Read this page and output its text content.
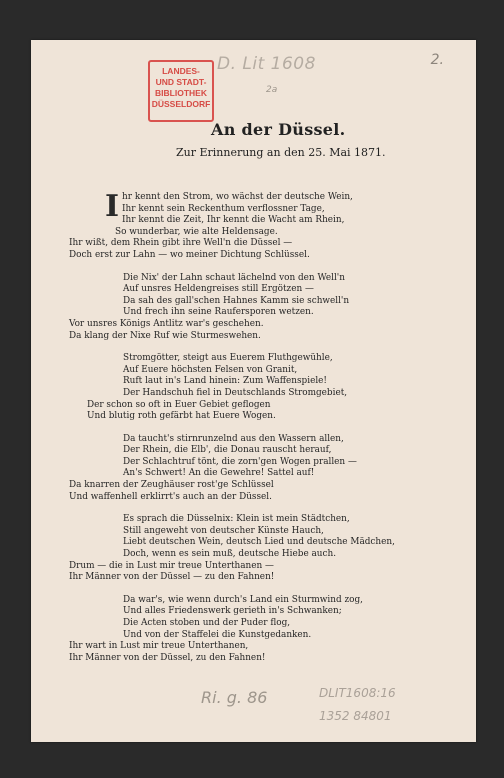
LANDES-
UND STADT-
BIBLIOTHEK
DÜSSELDORF
D. Lit 1608
2a
2.
An der Düssel.
Zur Erinnerung an den 25. Mai 1871.
I hr kennt den Strom, wo wächst der deutsche Wein,
Ihr kennt sein Reckenthum verflossner Tage,
Ihr kennt die Zeit, Ihr kennt die Wacht am Rhein,
So wunderbar, wie alte Heldensage.
Ihr wißt, dem Rhein gibt ihre Well'n die Düssel —
Doch erst zur Lahn — wo meiner Dichtung Schlüssel.
Die Nix' der Lahn schaut lächelnd von den Well'n
Auf unsres Heldengreises still Ergötzen —
Da sah des gall'schen Hahnes Kamm sie schwell'n
Und frech ihn seine Raufersporen wetzen.
Vor unsres Königs Antlitz war's geschehen.
Da klang der Nixe Ruf wie Sturmeswehen.
Stromgötter, steigt aus Euerem Fluthgewühle,
Auf Euere höchsten Felsen von Granit,
Ruft laut in's Land hinein: Zum Waffenspiele!
Der Handschuh fiel in Deutschlands Stromgebiet,
Der schon so oft in Euer Gebiet geflogen
Und blutig roth gefärbt hat Euere Wogen.
Da taucht's stirnrunzelnd aus den Wassern allen,
Der Rhein, die Elb', die Donau rauscht herauf,
Der Schlachtruf tönt, die zorn'gen Wogen prallen —
An's Schwert! An die Gewehre! Sattel auf!
Da knarren der Zeughäuser rost'ge Schlüssel
Und waffenhell erklirrt's auch an der Düssel.
Es sprach die Düsselnix: Klein ist mein Städtchen,
Still angeweht von deutscher Künste Hauch,
Liebt deutschen Wein, deutsch Lied und deutsche Mädchen,
Doch, wenn es sein muß, deutsche Hiebe auch.
Drum — die in Lust mir treue Unterthanen —
Ihr Männer von der Düssel — zu den Fahnen!
Da war's, wie wenn durch's Land ein Sturmwind zog,
Und alles Friedenswerk gerieth in's Schwanken;
Die Acten stoben und der Puder flog,
Und von der Staffelei die Kunstgedanken.
Ihr wart in Lust mir treue Unterthanen,
Ihr Männer von der Düssel, zu den Fahnen!
Ri. g. 86	DLIT1608:16
1352 84801
